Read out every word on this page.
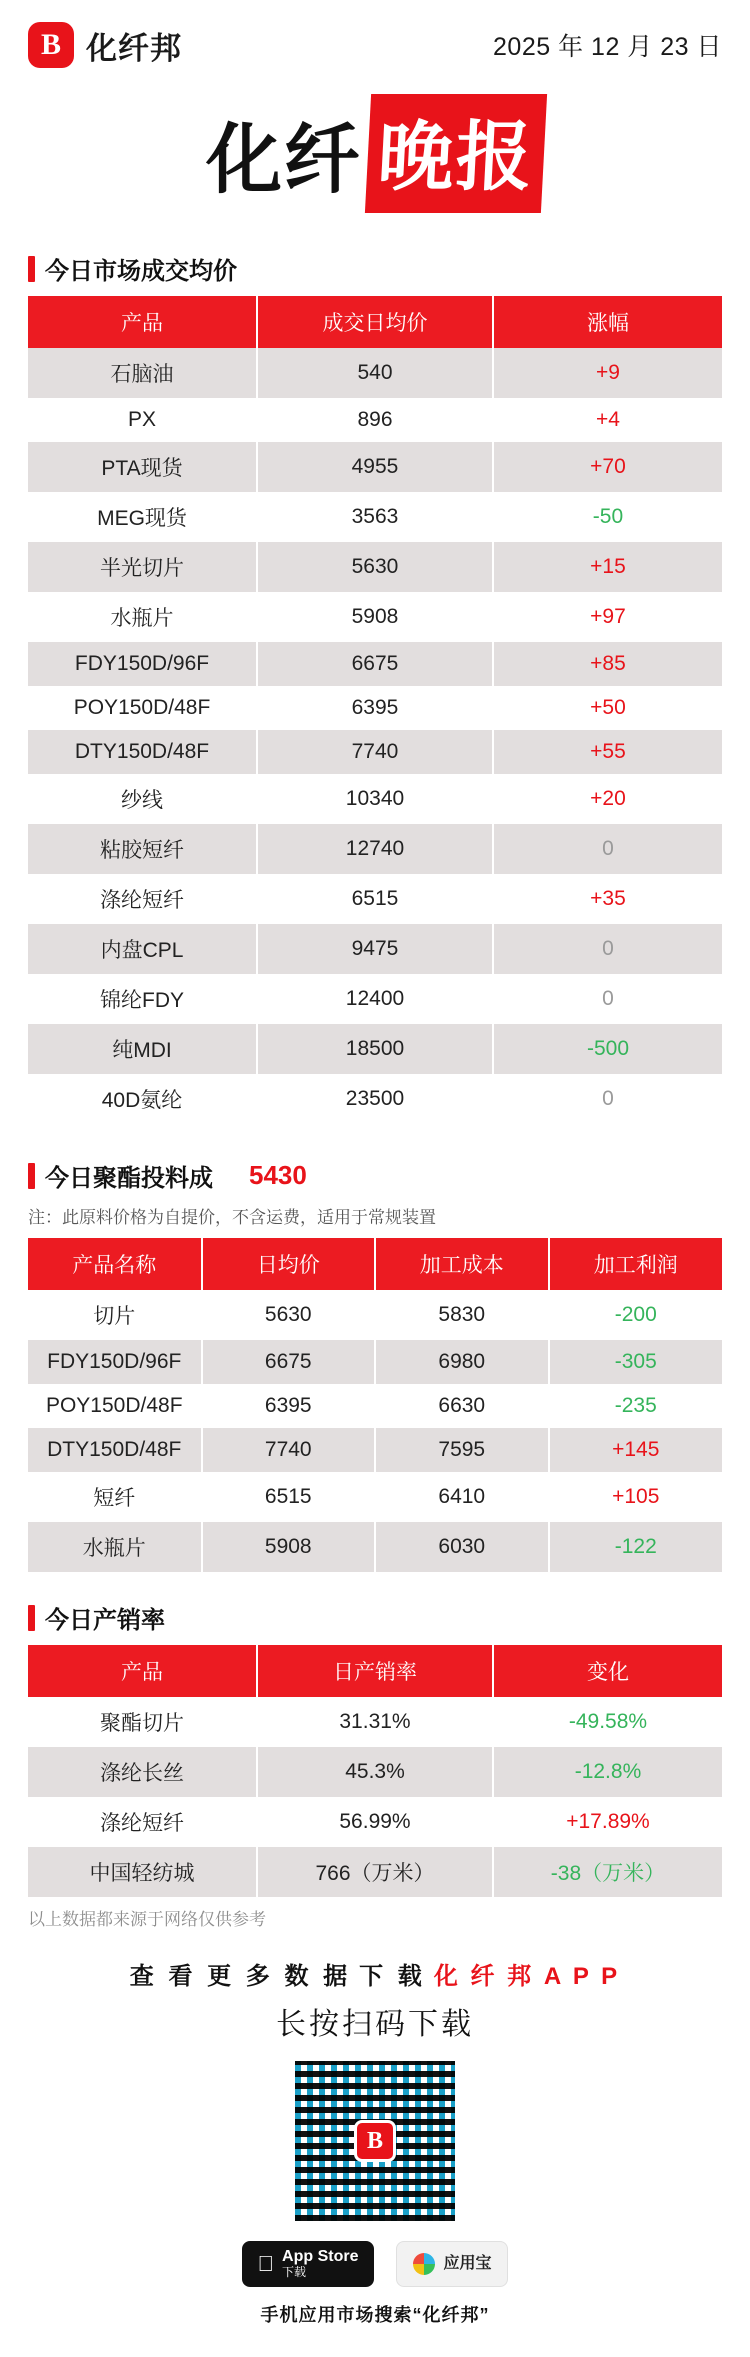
B 化纤邦	2025 年 12 月 23 日
化纤 晚报
今日市场成交均价
产品	成交日均价	涨幅
石脑油	540	+9
PX	896	+4
PTA现货	4955	+70
MEG现货	3563	-50
半光切片	5630	+15
水瓶片	5908	+97
FDY150D/96F	6675	+85
POY150D/48F	6395	+50
DTY150D/48F	7740	+55
纱线	10340	+20
粘胶短纤	12740	0
涤纶短纤	6515	+35
内盘CPL	9475	0
锦纶FDY	12400	0
纯MDI	18500	-500
40D氨纶	23500	0
今日聚酯投料成 5430
注：此原料价格为自提价，不含运费，适用于常规装置
产品名称	日均价	加工成本	加工利润
切片	5630	5830	-200
FDY150D/96F	6675	6980	-305
POY150D/48F	6395	6630	-235
DTY150D/48F	7740	7595	+145
短纤	6515	6410	+105
水瓶片	5908	6030	-122
今日产销率
产品	日产销率	变化
聚酯切片	31.31%	-49.58%
涤纶长丝	45.3%	-12.8%
涤纶短纤	56.99%	+17.89%
中国轻纺城	766（万米）	-38（万米）
以上数据都来源于网络仅供参考
查 看 更 多 数 据 下 载 化 纤 邦 A P P
长按扫码下载
B
App Store
下载
应用宝
手机应用市场搜索“化纤邦”
